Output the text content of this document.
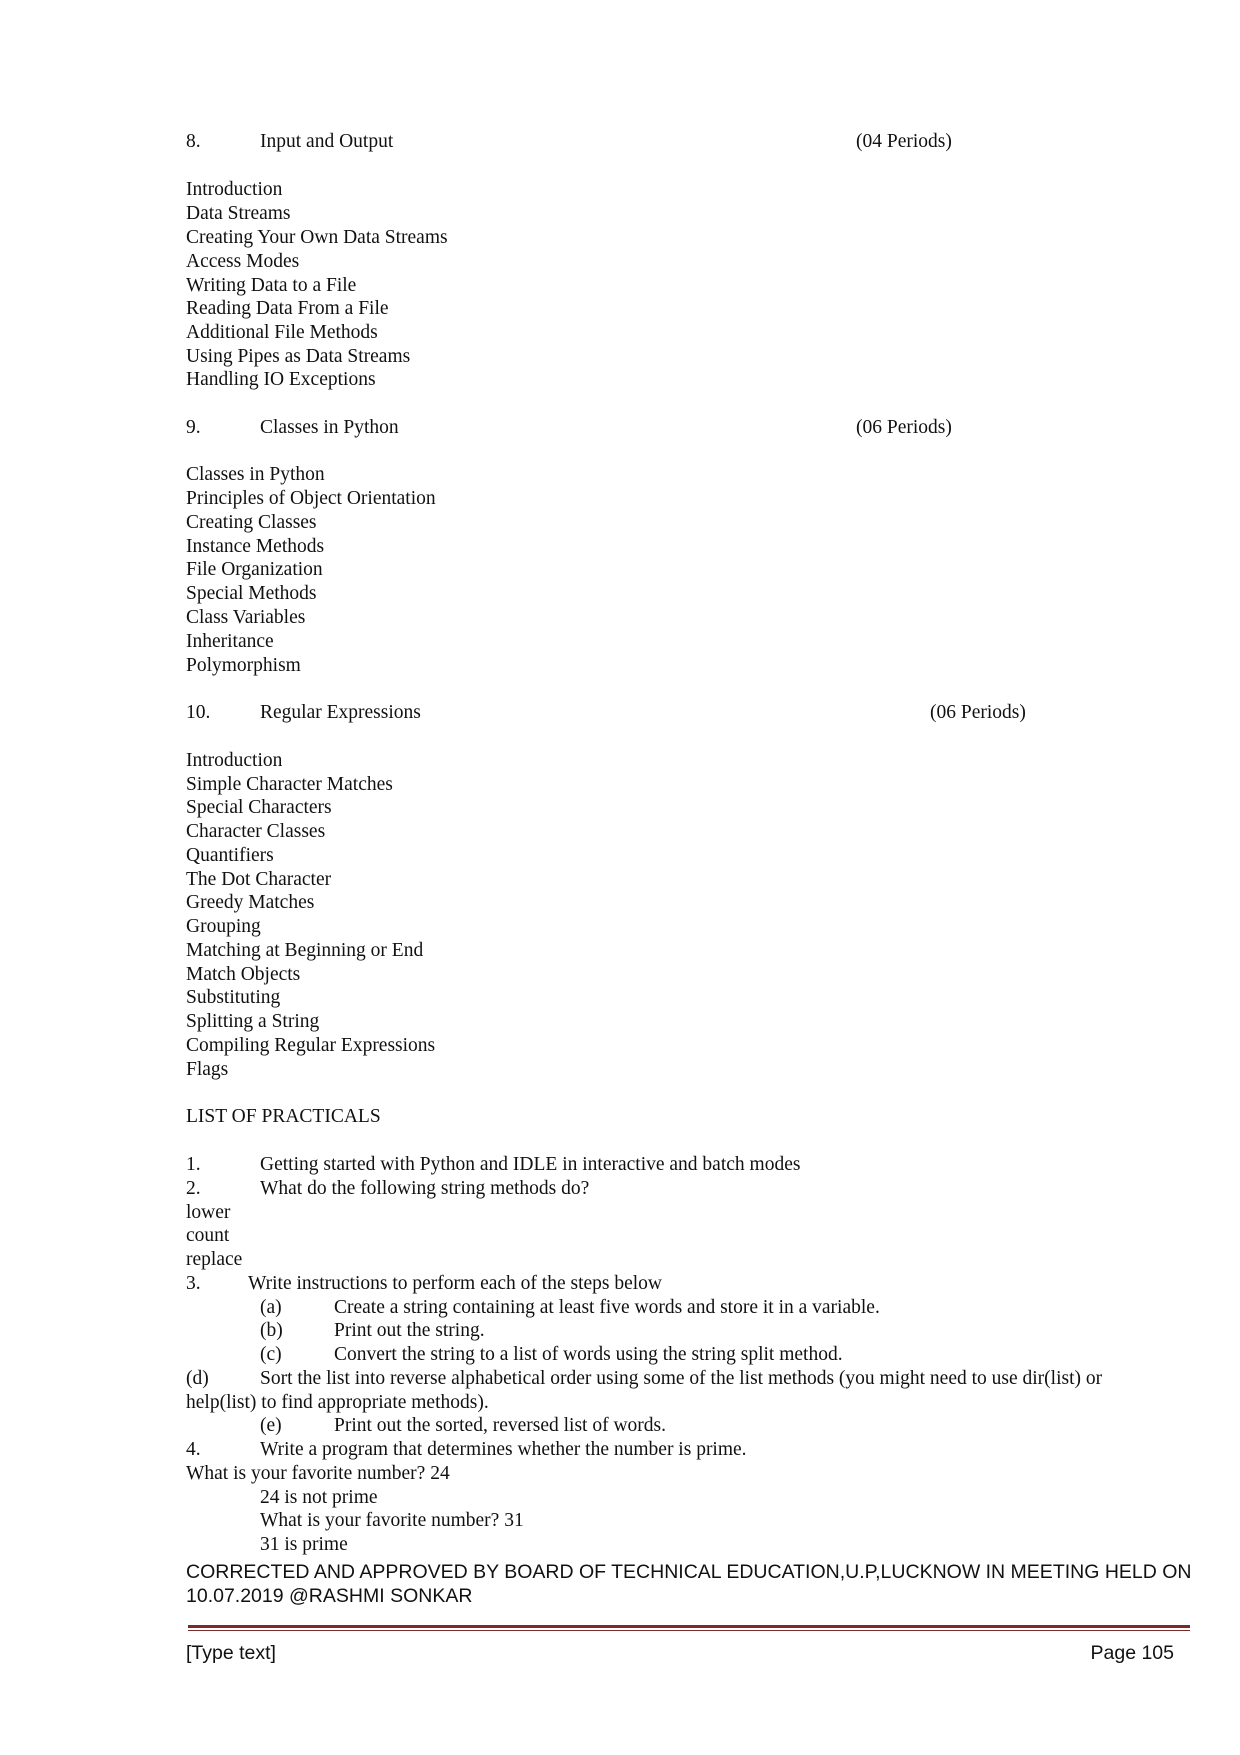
8.	Input and Output	(04 Periods)
Introduction
Data Streams
Creating Your Own Data Streams
Access Modes
Writing Data to a File
Reading Data From a File
Additional File Methods
Using Pipes as Data Streams
Handling IO Exceptions
9.	Classes in Python	(06 Periods)
Classes in Python
Principles of Object Orientation
Creating Classes
Instance Methods
File Organization
Special Methods
Class Variables
Inheritance
Polymorphism
10.	Regular Expressions	(06 Periods)
Introduction
Simple Character Matches
Special Characters
Character Classes
Quantifiers
The Dot Character
Greedy Matches
Grouping
Matching at Beginning or End
Match Objects
Substituting
Splitting a String
Compiling Regular Expressions
Flags
LIST OF PRACTICALS
1.	Getting started with Python and IDLE in interactive and batch modes
2.	What do the following string methods do?
lower
count
replace
3. Write instructions to perform each of the steps below
(a)	Create a string containing at least five words and store it in a variable.
(b)	Print out the string.
(c)	Convert the string to a list of words using the string split method.
(d)	Sort the list into reverse alphabetical order using some of the list methods (you might need to use dir(list) or
help(list) to find appropriate methods).
(e)	Print out the sorted, reversed list of words.
4.	Write a program that determines whether the number is prime.
What is your favorite number? 24
24 is not prime
What is your favorite number? 31
31 is prime
CORRECTED AND APPROVED BY BOARD OF TECHNICAL EDUCATION,U.P,LUCKNOW IN MEETING HELD ON
10.07.2019 @RASHMI SONKAR
[Type text]	Page 105
